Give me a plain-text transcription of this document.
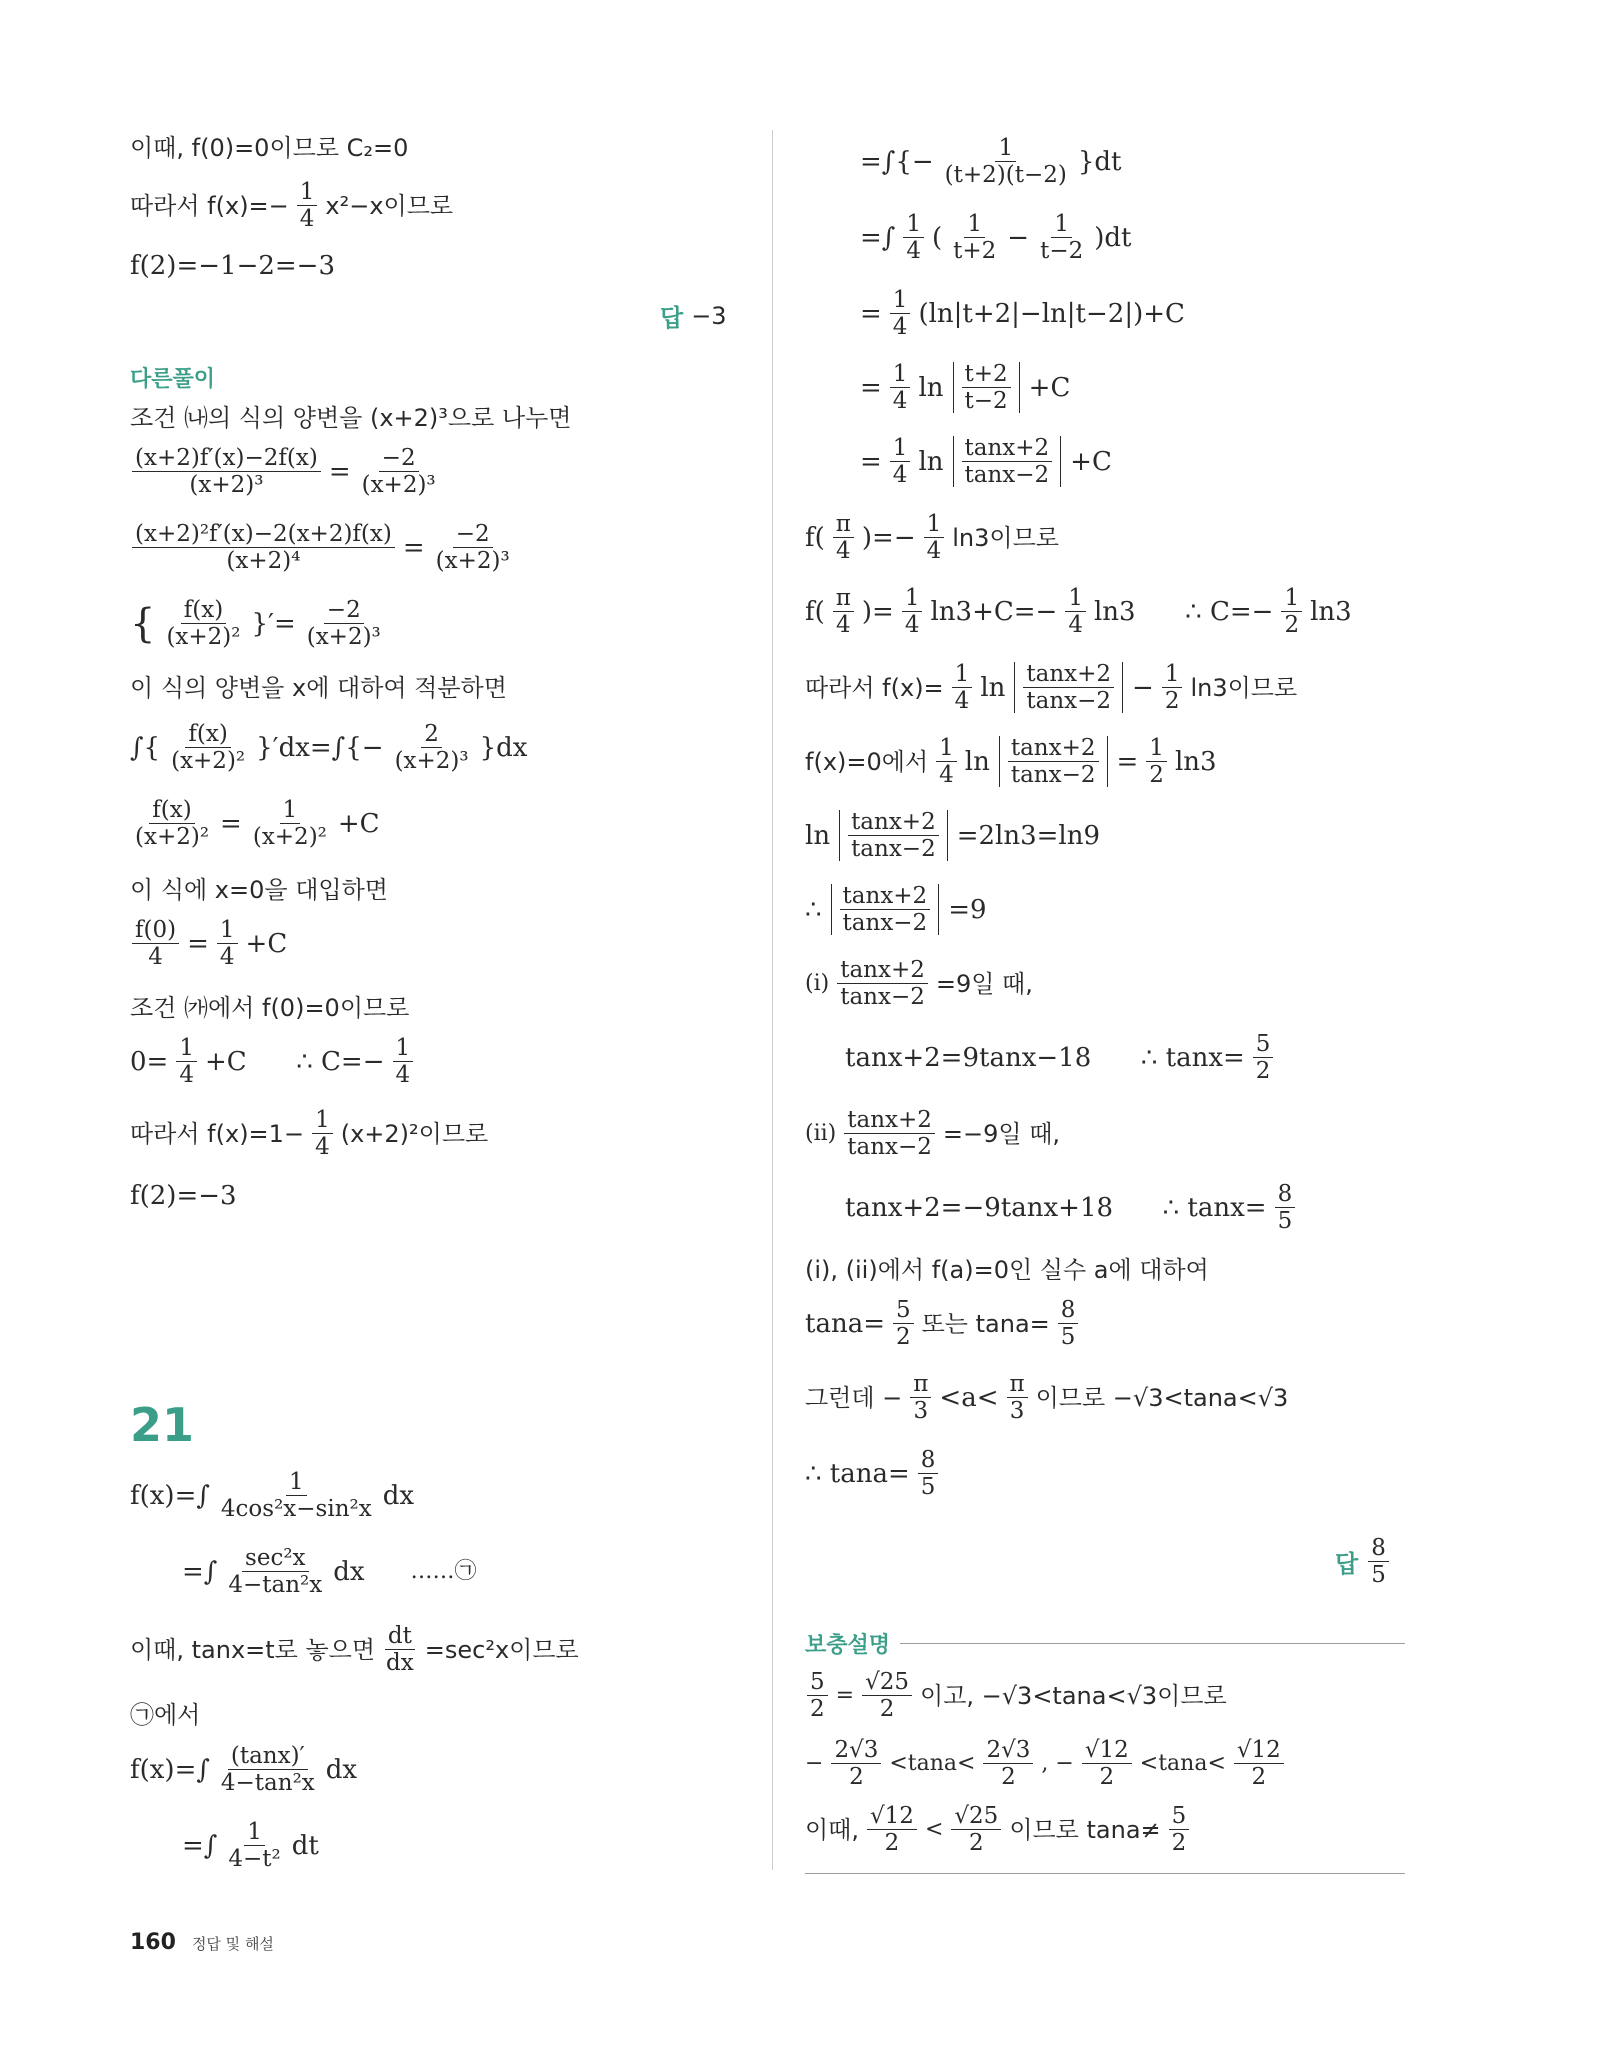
이때, f(0)=0이므로 C₂=0
따라서 $f(x)=- \frac{1}{4} x^2-x$이므로
f(2)=−1−2=−3
답 −3
다른풀이
조건 ㈏의 식의 양변을 (x+2)³으로 나누면
$\frac{(x+2)f'(x)-2f(x)}{\text{(x+2)³}} = \frac{-2}{\text{(x+2)³}}$
$\frac{\text{(x+2)²f′(x)−2(x+2)f(x)}}{\text{(x+2)⁴}} = \frac{-2}{\text{(x+2)³}}$
{ $\frac{f(x)}{\text{(x+2)²}}$ }′= $\frac{-2}{\text{(x+2)³}}$
이 식의 양변을 x에 대하여 적분하면
∫{ $\frac{f(x)}{\text{(x+2)²}} \}'dx=\int\{- \frac{2}{\text{(x+2)³}} \}dx$
$\frac{f(x)}{\text{(x+2)²}} = \frac{1}{\text{(x+2)²}} +C$
이 식에 x=0을 대입하면
$\frac{f(0)}{4} = \frac{1}{4} +C$
조건 ㈎에서 f(0)=0이므로
$0= \frac{1}{4} +C$      ∴ $C=- \frac{1}{4}$
따라서 $f(x)=1- \frac{1}{4} (x+2)^2$이므로
f(2)=−3
21
$f(x)=\int \frac{1}{\text{4cos²x−sin²x}}$ dx
=∫ $\frac{\text{sec²x}}{\text{4−tan²x}}$ dx ……㉠
이때, tanx=t로 놓으면 $\frac{dt}{dx} =\sec^2x$이므로
㉠에서
$f(x)=\int \frac{(\tan x)'}{\text{4−tan²x}}$ dx
=∫ $\frac{1}{\text{4−t²}}$ dt
=∫{− $\frac{1}{(t+2)(t-2)} \}dt$
=∫ $\frac{1}{4}$ ( $\frac{1}{t+2} - \frac{1}{t-2} )dt$
= $\frac{1}{4} (\ln|t+2|-\ln|t-2|)+C$
= $\frac{1}{4}$ $\ln \frac{t+2}{t-2} +C$
= $\frac{1}{4}$ $\ln \frac{\tan x+2}{\tan x-2} +C$
$f( \frac{\pi}{4}$ )=− $\frac{1}{4} \ln 3$이므로
$f( \frac{\pi}{4}$ )= $\frac{1}{4} \ln 3+C=- \frac{1}{4} \ln 3$      ∴ $C=- \frac{1}{2} \ln 3$
따라서 $f(x)= \frac{1}{4}$ $\ln \frac{\tan x+2}{\tan x-2} - \frac{1}{2} \ln 3$이므로
f(x)=0에서 $\frac{1}{4}$ $\ln \frac{\tan x+2}{\tan x-2} = \frac{1}{2} \ln 3$
$\ln \frac{\tan x+2}{\tan x-2} =2\ln 3=\ln 9$
∴ $\frac{\tan x+2}{\tan x-2} =9$
$(i) \frac{\tan x+2}{\tan x-2} =9$일 때,
tanx+2=9tanx−18      ∴ $\tan x= \frac{5}{2}$
$(ii) \frac{\tan x+2}{\tan x-2} =-9$일 때,
tanx+2=−9tanx+18      ∴ $\tan x= \frac{8}{5}$
(i), (ii)에서 f(a)=0인 실수 a에 대하여
$\tan a= \frac{5}{2}$ 또는 $\tan a= \frac{8}{5}$
그런데 − $\frac{\pi}{3} <a< \frac{\pi}{3}$ 이므로 −√3<tana<√3
∴ $\tan a= \frac{8}{5}$
답 $\frac{8}{5}$
보충설명
$\frac{5}{2} = \frac{√25}{2}$ 이고, −√3<tana<√3이므로
− $\frac{2√3}{2} <\tan a< \frac{2√3}{2}$ , − $\frac{√12}{2} <\tan a< \frac{√12}{2}$
이때, $\frac{√12}{2} < \frac{√25}{2}$ 이므로 $\tan a\ne \frac{5}{2}$
160 정답 및 해설
